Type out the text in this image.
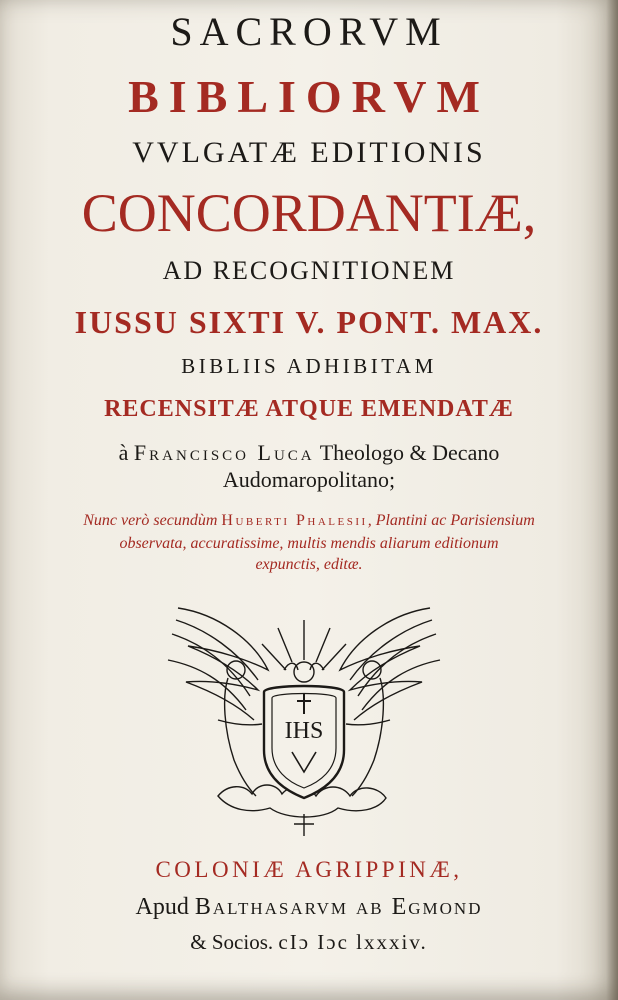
SACRORVM
BIBLIORVM
VVLGATÆ EDITIONIS
CONCORDANTIÆ,
AD RECOGNITIONEM
IUSSU SIXTI V. PONT. MAX.
BIBLIIS ADHIBITAM
RECENSITÆ ATQUE EMENDATÆ
à Francisco Luca Theologo & Decano
Audomaropolitano;
Nunc verò secundùm Huberti Phalesii, Plantini ac Parisiensium
observata, accuratissime, multis mendis aliarum editionum
expunctis, editæ.
IHS
COLONIÆ AGRIPPINÆ,
Apud Balthasarvm ab Egmond
& Socios. cIɔ Iɔc lxxxiv.
